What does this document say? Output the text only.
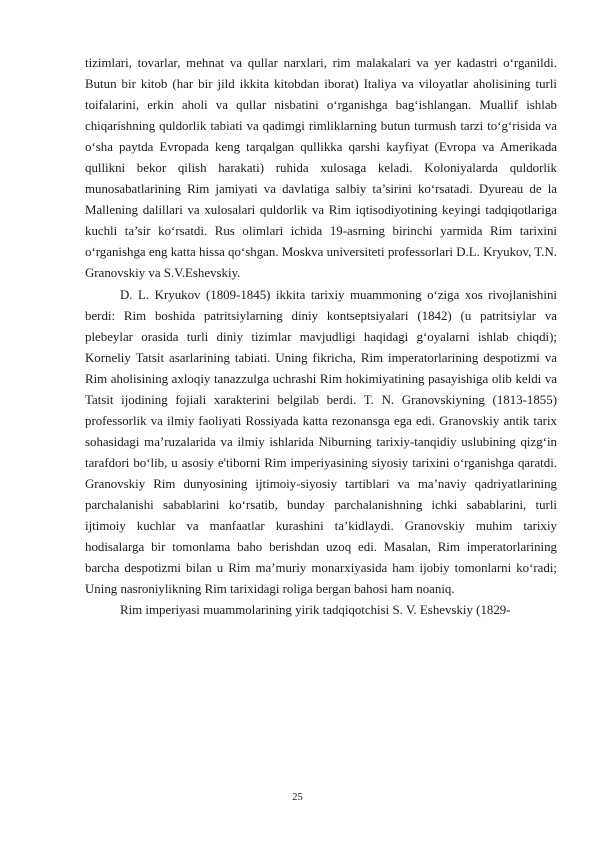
tizimlari, tovarlar, mehnat va qullar narxlari, rim malakalari va yer kadastri o‘rganildi. Butun bir kitob (har bir jild ikkita kitobdan iborat) Italiya va viloyatlar aholisining turli toifalarini, erkin aholi va qullar nisbatini o‘rganishga bag‘ishlangan. Muallif ishlab chiqarishning quldorlik tabiati va qadimgi rimliklarning butun turmush tarzi to‘g‘risida va o‘sha paytda Evropada keng tarqalgan qullikka qarshi kayfiyat (Evropa va Amerikada qullikni bekor qilish harakati) ruhida xulosaga keladi. Koloniyalarda quldorlik munosabatlarining Rim jamiyati va davlatiga salbiy ta’sirini ko‘rsatadi. Dyureau de la Mallening dalillari va xulosalari quldorlik va Rim iqtisodiyotining keyingi tadqiqotlariga kuchli ta’sir ko‘rsatdi. Rus olimlari ichida 19-asrning birinchi yarmida Rim tarixini o‘rganishga eng katta hissa qo‘shgan. Moskva universiteti professorlari D.L. Kryukov, T.N. Granovskiy va S.V.Eshevskiy.

D. L. Kryukov (1809-1845) ikkita tarixiy muammoning o‘ziga xos rivojlanishini berdi: Rim boshida patritsiylarning diniy kontseptsiyalari (1842) (u patritsiylar va plebeylar orasida turli diniy tizimlar mavjudligi haqidagi g‘oyalarni ishlab chiqdi); Korneliy Tatsit asarlarining tabiati. Uning fikricha, Rim imperatorlarining despotizmi va Rim aholisining axloqiy tanazzulga uchrashi Rim hokimiyatining pasayishiga olib keldi va Tatsit ijodining fojiali xarakterini belgilab berdi. T. N. Granovskiyning (1813-1855) professorlik va ilmiy faoliyati Rossiyada katta rezonansga ega edi. Granovskiy antik tarix sohasidagi ma’ruzalarida va ilmiy ishlarida Niburning tarixiy-tanqidiy uslubining qizg‘in tarafdori bo‘lib, u asosiy e'tiborni Rim imperiyasining siyosiy tarixini o‘rganishga qaratdi. Granovskiy Rim dunyosining ijtimoiy-siyosiy tartiblari va ma’naviy qadriyatlarining parchalanishi sabablarini ko‘rsatib, bunday parchalanishning ichki sabablarini, turli ijtimoiy kuchlar va manfaatlar kurashini ta’kidlaydi. Granovskiy muhim tarixiy hodisalarga bir tomonlama baho berishdan uzoq edi. Masalan, Rim imperatorlarining barcha despotizmi bilan u Rim ma’muriy monarxiyasida ham ijobiy tomonlarni ko‘radi; Uning nasroniylikning Rim tarixidagi roliga bergan bahosi ham noaniq.

Rim imperiyasi muammolarining yirik tadqiqotchisi S. V. Eshevskiy (1829-

25
